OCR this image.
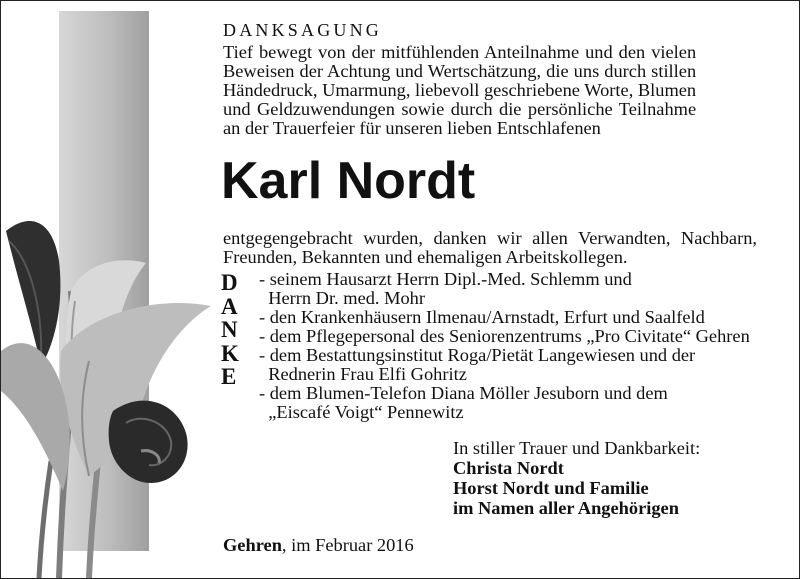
DANKSAGUNG
Tief bewegt von der mitfühlenden Anteilnahme und den vielen
Beweisen der Achtung und Wertschätzung, die uns durch stillen
Händedruck, Umarmung, liebevoll geschriebene Worte, Blumen
und Geldzuwendungen sowie durch die persönliche Teilnahme
an der Trauerfeier für unseren lieben Entschlafenen
Karl Nordt
entgegengebracht wurden, danken wir allen Verwandten, Nachbarn,
Freunden, Bekannten und ehemaligen Arbeitskollegen.
D
A
N
K
E
- seinem Hausarzt Herrn Dipl.-Med. Schlemm und
Herrn Dr. med. Mohr
- den Krankenhäusern Ilmenau/Arnstadt, Erfurt und Saalfeld
- dem Pflegepersonal des Seniorenzentrums „Pro Civitate“ Gehren
- dem Bestattungsinstitut Roga/Pietät Langewiesen und der
Rednerin Frau Elfi Gohritz
- dem Blumen-Telefon Diana Möller Jesuborn und dem
„Eiscafé Voigt“ Pennewitz
In stiller Trauer und Dankbarkeit:
Christa Nordt
Horst Nordt und Familie
im Namen aller Angehörigen
Gehren, im Februar 2016
